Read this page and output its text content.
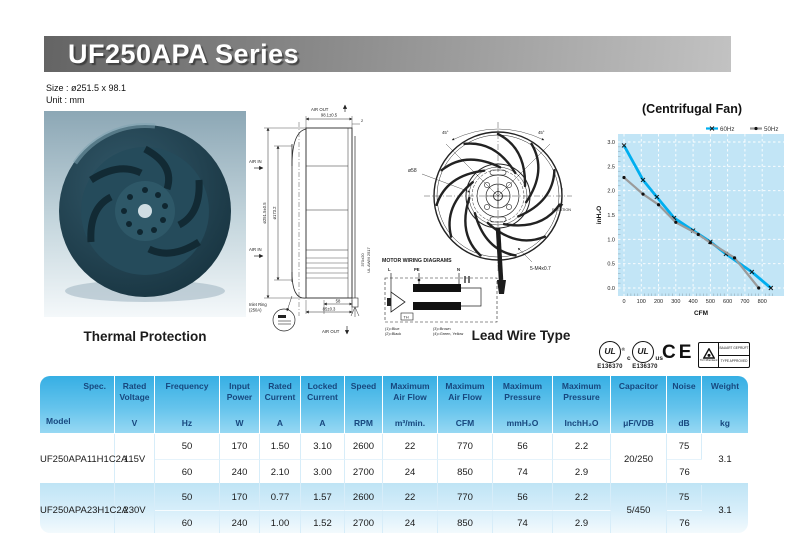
UF250APA Series
Size : ø251.5 x 98.1
Unit : mm
Thermal Protection
AIR OUT
98.1±0.5
2
AIR IN
AIR IN
ø251.5±0.5 ø173.2
370±20 UL AWM 2517
58
85±0.3
Inlet Ring
(250A)
AIR OUT
45°	45°
ø58
ROTATION
5-M4x0.7
MOTOR WIRING DIAGRAMS
L	PE	N
TH
(1)=Blue
(2)=Black
(3)=Brown
(4)=Green, Yellow Lead Wire Type
(Centrifugal Fan)
0 100 200 300 400 500 600 700 800
0.0
0.5
1.0
1.5
2.0
2.5
3.0
60Hz	50Hz
CFM
inH₂O
UL ®
E136370
c
UL
us
E136370
CE TÜV Rheinland
BAUART GEPRÜFT
TYPE APPROVED
Spec.
Model

Rated
Voltage
V

Frequency
Hz

Input
Power
W

Rated
Current
A

Locked
Current
A

Speed
RPM

Maximum
Air Flow
m³/min.

Maximum
Air Flow
CFM

Maximum
Pressure
mmH₂O

Maximum
Pressure
InchH₂O

Capacitor
μF/VDB

Noise
dB

Weight
kg

UF250APA11H1C2A	115V	50	170	1.50	3.10	2600	22	770	56	2.2	20/250	75	3.1
		60	240	2.10	3.00	2700	24	850	74	2.9		76	
UF250APA23H1C2A	230V	50	170	0.77	1.57	2600	22	770	56	2.2	5/450	75	3.1
		60	240	1.00	1.52	2700	24	850	74	2.9		76	
